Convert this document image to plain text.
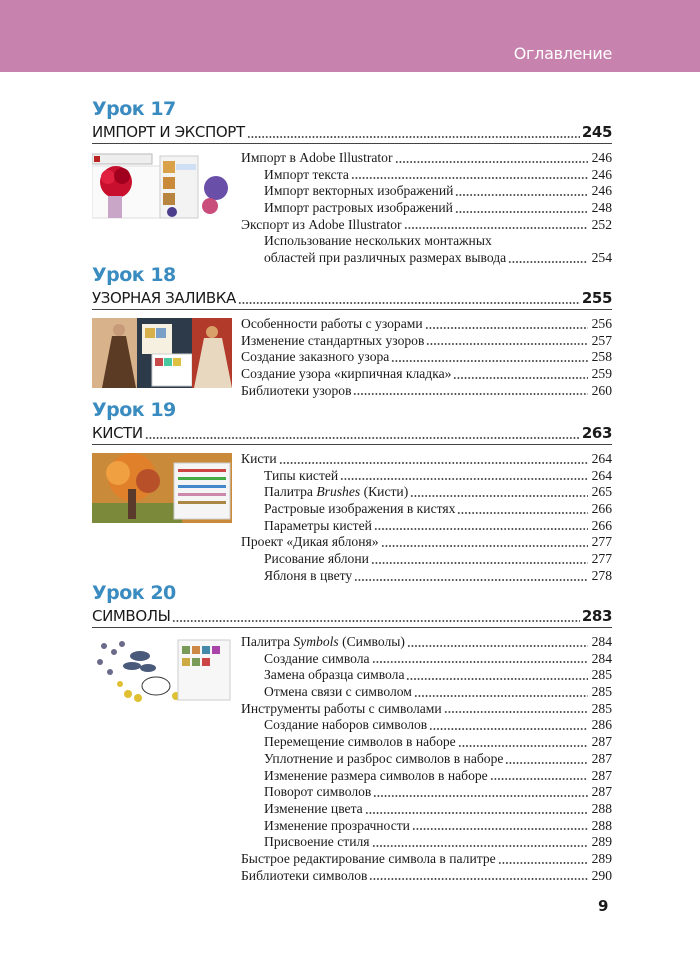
Оглавление
Урок 17
ИМПОРТ И ЭКСПОРТ	245
Импорт в Adobe Illustrator	246
Импорт текста	246
Импорт векторных изображений	246
Импорт растровых изображений	248
Экспорт из Adobe Illustrator	252
Использование нескольких монтажных
областей при различных размерах вывода	254
Урок 18
УЗОРНАЯ ЗАЛИВКА	255
Особенности работы с узорами	256
Изменение стандартных узоров	257
Создание заказного узора	258
Создание узора «кирпичная кладка»	259
Библиотеки узоров	260
Урок 19
КИСТИ	263
Кисти	264
Типы кистей	264
Палитра Brushes (Кисти)	265
Растровые изображения в кистях	266
Параметры кистей	266
Проект «Дикая яблоня»	277
Рисование яблони	277
Яблоня в цвету	278
Урок 20
СИМВОЛЫ	283
Палитра Symbols (Символы)	284
Создание символа	284
Замена образца символа	285
Отмена связи с символом	285
Инструменты работы с символами	285
Создание наборов символов	286
Перемещение символов в наборе	287
Уплотнение и разброс символов в наборе	287
Изменение размера символов в наборе	287
Поворот символов	287
Изменение цвета	288
Изменение прозрачности	288
Присвоение стиля	289
Быстрое редактирование символа в палитре	289
Библиотеки символов	290
9
